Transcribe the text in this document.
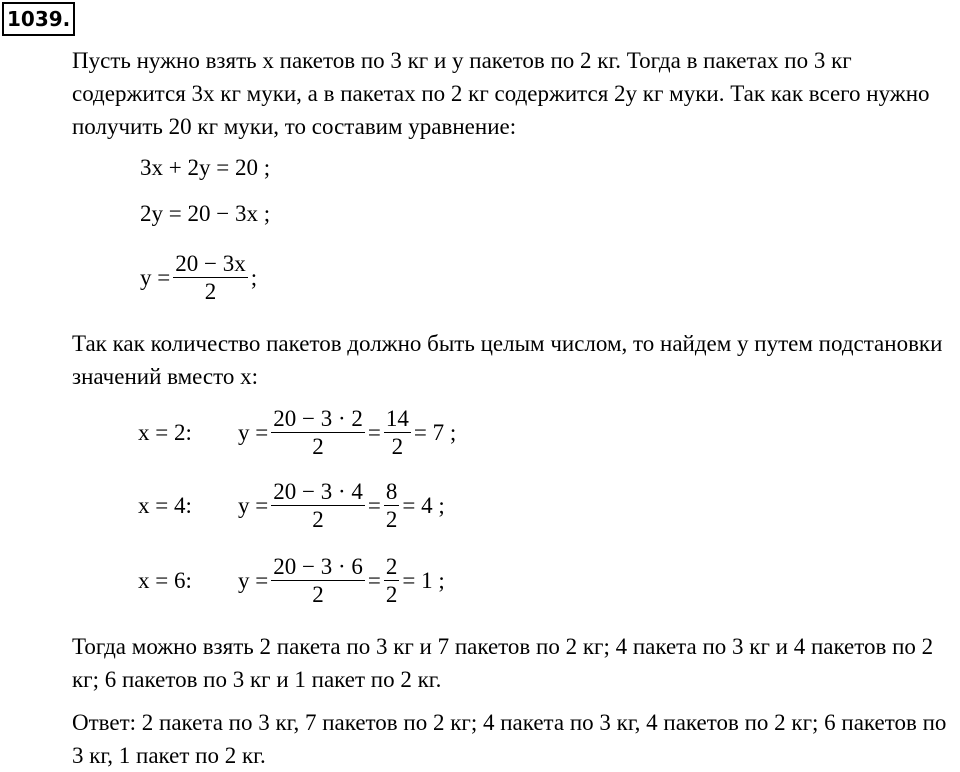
1039.
Пусть нужно взять x пакетов по 3 кг и y пакетов по 2 кг. Тогда в пакетах по 3 кг содержится 3x кг муки, а в пакетах по 2 кг содержится 2y кг муки. Так как всего нужно получить 20 кг муки, то составим уравнение:
3x + 2y = 20 ;
2y = 20 − 3x ;
$y = \frac{20 - 3x}{2}$ ;
Так как количество пакетов должно быть целым числом, то найдем y путем подстановки значений вместо x:
x = 2:	$y = \frac{20 - 3 \cdot 2}{2} = \frac{14}{2} = 7$ ;
x = 4:	$y = \frac{20 - 3 \cdot 4}{2} = \frac{8}{2} = 4$ ;
x = 6:	$y = \frac{20 - 3 \cdot 6}{2} = \frac{2}{2} = 1$ ;
Тогда можно взять 2 пакета по 3 кг и 7 пакетов по 2 кг; 4 пакета по 3 кг и 4 пакетов по 2 кг; 6 пакетов по 3 кг и 1 пакет по 2 кг.
Ответ: 2 пакета по 3 кг, 7 пакетов по 2 кг; 4 пакета по 3 кг, 4 пакетов по 2 кг; 6 пакетов по 3 кг, 1 пакет по 2 кг.
